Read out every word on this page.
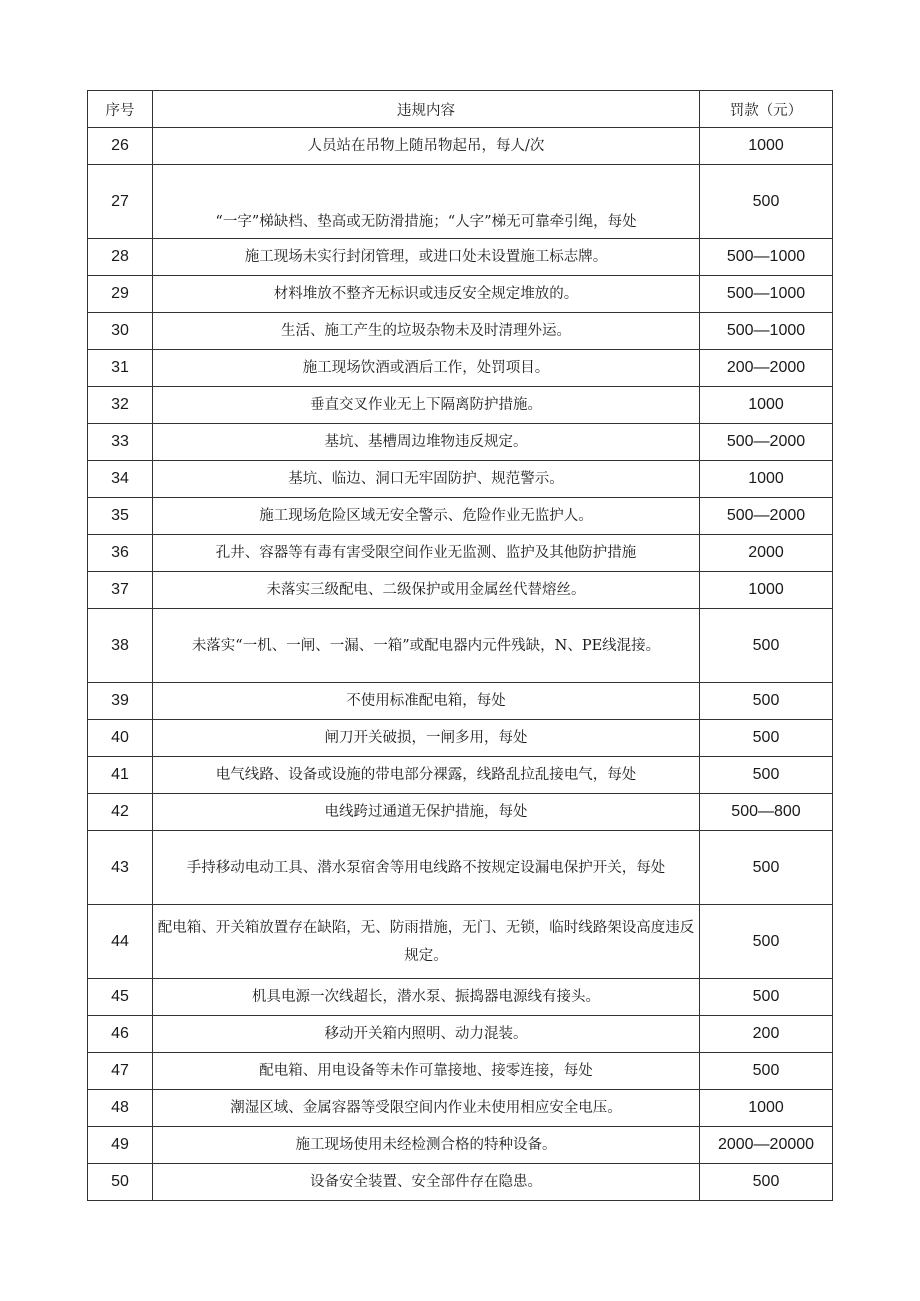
序号	违规内容	罚款（元）
26	人员站在吊物上随吊物起吊，每人/次	1000
27	“一字”梯缺档、垫高或无防滑措施；“人字”梯无可靠牵引绳，每处	500
28	施工现场未实行封闭管理，或进口处未设置施工标志牌。	500—1000
29	材料堆放不整齐无标识或违反安全规定堆放的。	500—1000
30	生活、施工产生的垃圾杂物未及时清理外运。	500—1000
31	施工现场饮酒或酒后工作，处罚项目。	200—2000
32	垂直交叉作业无上下隔离防护措施。	1000
33	基坑、基槽周边堆物违反规定。	500—2000
34	基坑、临边、洞口无牢固防护、规范警示。	1000
35	施工现场危险区域无安全警示、危险作业无监护人。	500—2000
36	孔井、容器等有毒有害受限空间作业无监测、监护及其他防护措施	2000
37	未落实三级配电、二级保护或用金属丝代替熔丝。	1000
38	未落实“一机、一闸、一漏、一箱”或配电器内元件残缺，N、PE线混接。	500
39	不使用标准配电箱，每处	500
40	闸刀开关破损，一闸多用，每处	500
41	电气线路、设备或设施的带电部分裸露，线路乱拉乱接电气，每处	500
42	电线跨过通道无保护措施，每处	500—800
43	手持移动电动工具、潜水泵宿舍等用电线路不按规定设漏电保护开关，每处	500
44	配电箱、开关箱放置存在缺陷，无、防雨措施，无门、无锁，临时线路架设高度违反规定。	500
45	机具电源一次线超长，潜水泵、振捣器电源线有接头。	500
46	移动开关箱内照明、动力混装。	200
47	配电箱、用电设备等未作可靠接地、接零连接，每处	500
48	潮湿区域、金属容器等受限空间内作业未使用相应安全电压。	1000
49	施工现场使用未经检测合格的特种设备。	2000—20000
50	设备安全装置、安全部件存在隐患。	500
